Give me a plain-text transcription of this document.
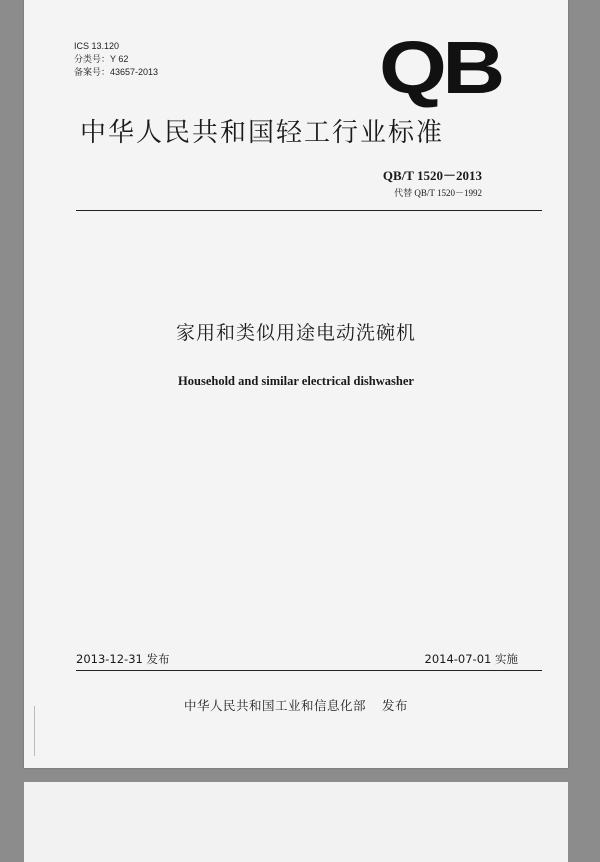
ICS 13.120
分类号：Y 62
备案号：43657-2013	QB
中华人民共和国轻工行业标准
QB/T 1520－2013
代替 QB/T 1520－1992
家用和类似用途电动洗碗机
Household and similar electrical dishwasher
2013-12-31 发布	2014-07-01 实施
中华人民共和国工业和信息化部 发布
